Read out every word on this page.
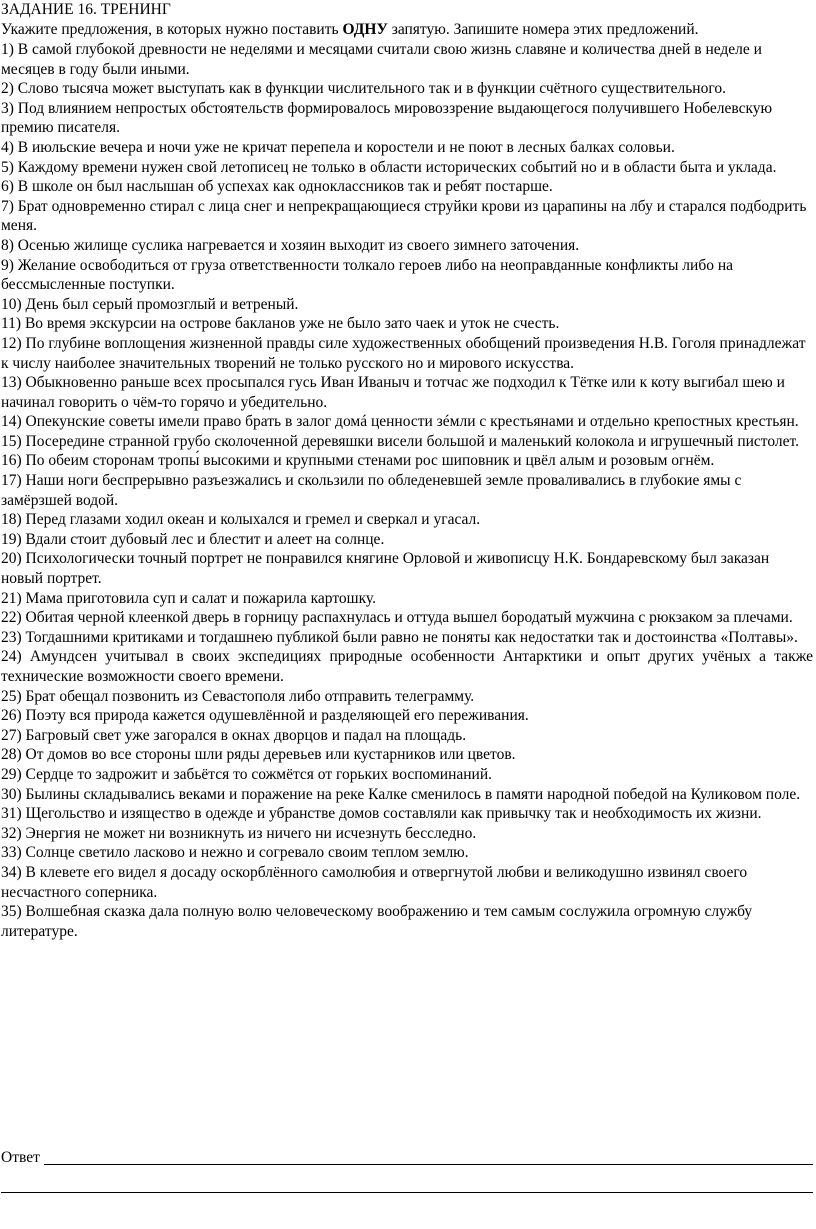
ЗАДАНИЕ 16. ТРЕНИНГ

Укажите предложения, в которых нужно поставить ОДНУ запятую. Запишите номера этих предложений.

1) В самой глубокой древности не неделями и месяцами считали свою жизнь славяне и количества дней в неделе и месяцев в году были иными.
2) Слово тысяча может выступать как в функции числительного так и в функции счётного существительного.
3) Под влиянием непростых обстоятельств формировалось мировоззрение выдающегося получившего Нобелевскую премию писателя.
4) В июльские вечера и ночи уже не кричат перепела и коростели и не поют в лесных балках соловьи.
5) Каждому времени нужен свой летописец не только в области исторических событий но и в области быта и уклада.
6) В школе он был наслышан об успехах как одноклассников так и ребят постарше.
7) Брат одновременно стирал с лица снег и непрекращающиеся струйки крови из царапины на лбу и старался подбодрить меня.
8) Осенью жилище суслика нагревается и хозяин выходит из своего зимнего заточения.
9) Желание освободиться от груза ответственности толкало героев либо на неоправданные конфликты либо на бессмысленные поступки.
10) День был серый промозглый и ветреный.
11) Во время экскурсии на острове бакланов уже не было зато чаек и уток не счесть.
12) По глубине воплощения жизненной правды силе художественных обобщений произведения Н.В. Гоголя принадлежат к числу наиболее значительных творений не только русского но и мирового искусства.
13) Обыкновенно раньше всех просыпался гусь Иван Иваныч и тотчас же подходил к Тётке или к коту выгибал шею и начинал говорить о чём-то горячо и убедительно.
14) Опекунские советы имели право брать в залог домá ценности зéмли с крестьянами и отдельно крепостных крестьян.
15) Посередине странной грубо сколоченной деревяшки висели большой и маленький колокола и игрушечный пистолет.
16) По обеим сторонам тропы́ высокими и крупными стенами рос шиповник и цвёл алым и розовым огнём.
17) Наши ноги беспрерывно разъезжались и скользили по обледеневшей земле проваливались в глубокие ямы с замёрзшей водой.
18) Перед глазами ходил океан и колыхался и гремел и сверкал и угасал.
19) Вдали стоит дубовый лес и блестит и алеет на солнце.
20) Психологически точный портрет не понравился княгине Орловой и живописцу Н.К. Бондаревскому был заказан новый портрет.
21) Мама приготовила суп и салат и пожарила картошку.
22) Обитая черной клеенкой дверь в горницу распахнулась и оттуда вышел бородатый мужчина с рюкзаком за плечами.
23) Тогдашними критиками и тогдашнею публикой были равно не поняты как недостатки так и достоинства «Полтавы».
24) Амундсен учитывал в своих экспедициях природные особенности Антарктики и опыт других учёных а также технические возможности своего времени.
25) Брат обещал позвонить из Севастополя либо отправить телеграмму.
26) Поэту вся природа кажется одушевлённой и разделяющей его переживания.
27) Багровый свет уже загорался в окнах дворцов и падал на площадь.
28) От домов во все стороны шли ряды деревьев или кустарников или цветов.
29) Сердце то задрожит и забьётся то сожмётся от горьких воспоминаний.
30) Былины складывались веками и поражение на реке Калке сменилось в памяти народной победой на Куликовом поле.
31) Щегольство и изящество в одежде и убранстве домов составляли как привычку так и необходимость их жизни.
32) Энергия не может ни возникнуть из ничего ни исчезнуть бесследно.
33) Солнце светило ласково и нежно и согревало своим теплом землю.
34) В клевете его видел я досаду оскорблённого самолюбия и отвергнутой любви и великодушно извинял своего несчастного соперника.
35) Волшебная сказка дала полную волю человеческому воображению и тем самым сослужила огромную службу литературе.
Ответ
